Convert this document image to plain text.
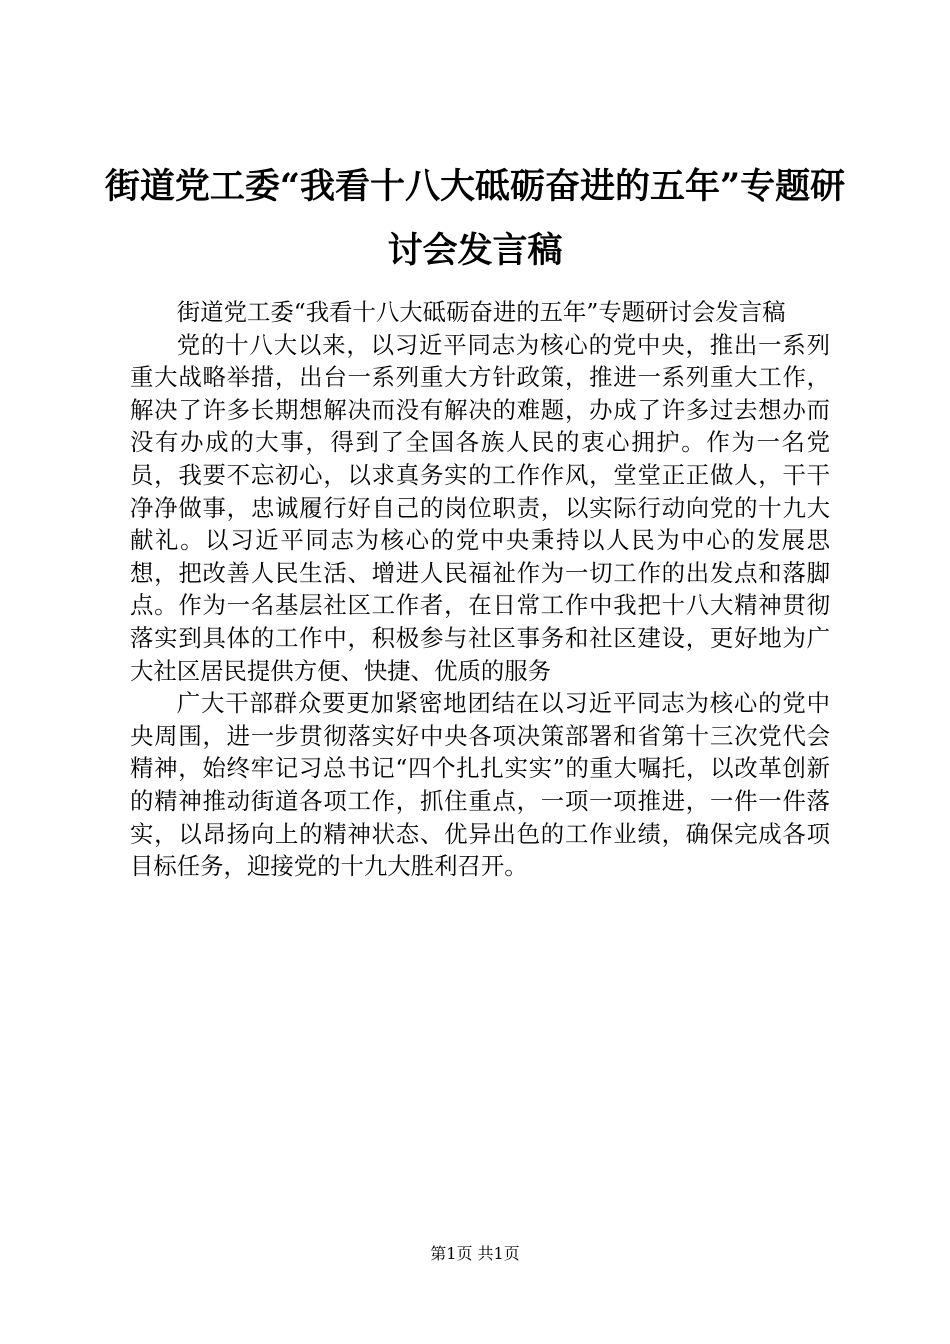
街道党工委“我看十八大砥砺奋进的五年”专题研讨会发言稿

街道党工委“我看十八大砥砺奋进的五年”专题研讨会发言稿

党的十八大以来，以习近平同志为核心的党中央，推出一系列重大战略举措，出台一系列重大方针政策，推进一系列重大工作，解决了许多长期想解决而没有解决的难题，办成了许多过去想办而没有办成的大事，得到了全国各族人民的衷心拥护。作为一名党员，我要不忘初心，以求真务实的工作作风，堂堂正正做人，干干净净做事，忠诚履行好自己的岗位职责，以实际行动向党的十九大献礼。以习近平同志为核心的党中央秉持以人民为中心的发展思想，把改善人民生活、增进人民福祉作为一切工作的出发点和落脚点。作为一名基层社区工作者，在日常工作中我把十八大精神贯彻落实到具体的工作中，积极参与社区事务和社区建设，更好地为广大社区居民提供方便、快捷、优质的服务

广大干部群众要更加紧密地团结在以习近平同志为核心的党中央周围，进一步贯彻落实好中央各项决策部署和省第十三次党代会精神，始终牢记习总书记“四个扎扎实实”的重大嘱托，以改革创新的精神推动街道各项工作，抓住重点，一项一项推进，一件一件落实，以昂扬向上的精神状态、优异出色的工作业绩，确保完成各项目标任务，迎接党的十九大胜利召开。

第1页 共1页
